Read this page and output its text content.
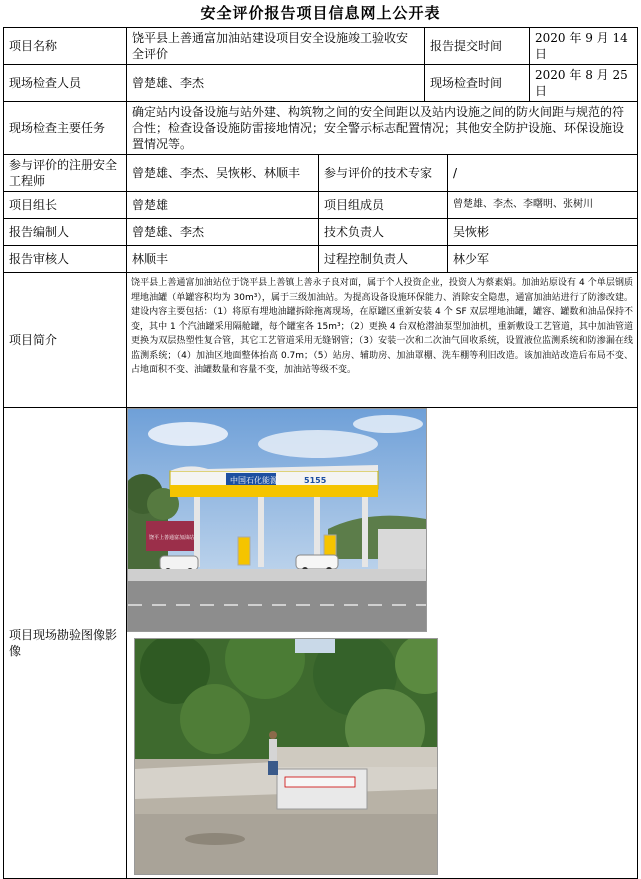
安全评价报告项目信息网上公开表
项目名称	饶平县上善通富加油站建设项目安全设施竣工验收安全评价		报告提交时间		2020 年 9 月 14 日
现场检查人员	曾楚雄、李杰		现场检查时间		2020 年 8 月 25 日
现场检查主要任务	确定站内设备设施与站外建、构筑物之间的安全间距以及站内设施之间的防火间距与规范的符合性；检查设备设施防雷接地情况；安全警示标志配置情况；其他安全防护设施、环保设施设置情况等。				
参与评价的注册安全工程师	曾楚雄、李杰、吴恢彬、林顺丰	参与评价的技术专家		/	
项目组长	曾楚雄	项目组成员		曾楚雄、李杰、李曙明、张树川	
报告编制人	曾楚雄、李杰	技术负责人		吴恢彬	
报告审核人	林顺丰	过程控制负责人		林少军	
项目简介	饶平县上善通富加油站位于饶平县上善镇上善永子良对面，属于个人投资企业，投资人为蔡素娟。加油站原设有 4 个单层钢质埋地油罐（单罐容积均为 30m³），属于三级加油站。为提高设备设施环保能力、消除安全隐患，通富加油站进行了防渗改建。建设内容主要包括：（1）将原有埋地油罐拆除拖离现场，在原罐区重新安装 4 个 SF 双层埋地油罐，罐容、罐数和油品保持不变，其中 1 个汽油罐采用隔舱罐，每个罐室各 15m³；（2）更换 4 台双枪潜油泵型加油机，重新敷设工艺管道，其中加油管道更换为双层热塑性复合管，其它工艺管道采用无缝钢管；（3）安装一次和二次油气回收系统，设置液位监测系统和防渗漏在线监测系统；（4）加油区地面整体抬高 0.7m；（5）站房、辅助房、加油罩棚、洗车棚等利旧改造。该加油站改造后布局不变、占地面积不变、油罐数量和容量不变，加油站等级不变。				
项目现场勘验图像影像	中国石化能源 5155
饶平上善通富加油站				
